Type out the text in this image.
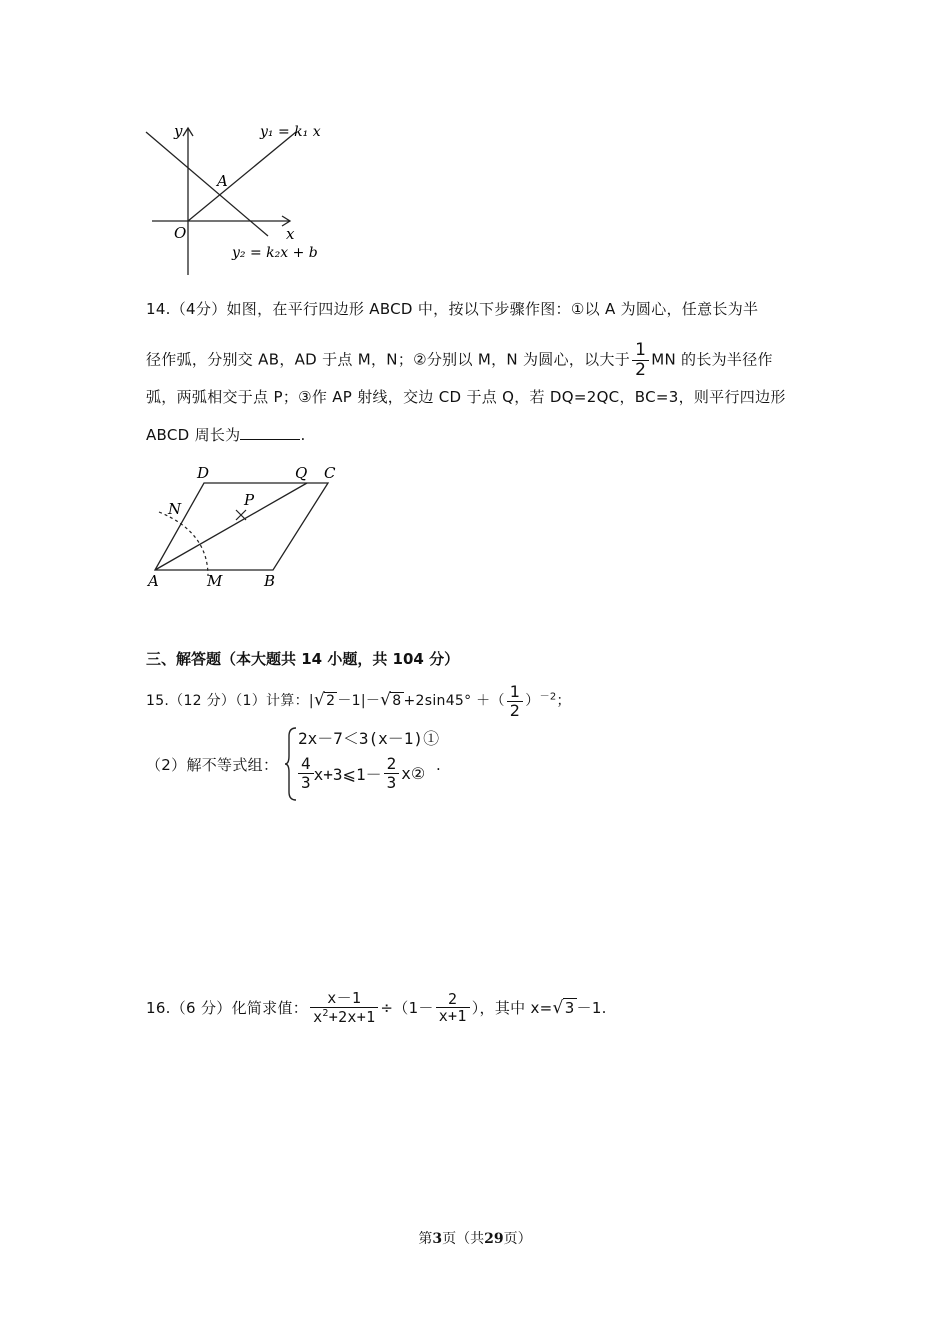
y
x
O
A
y₁ = k₁ x
y₂ = k₂x + b
14.（4分）如图，在平行四边形 ABCD 中，按以下步骤作图：①以 A 为圆心，任意长为半
径作弧，分别交 AB，AD 于点 M，N；②分别以 M，N 为圆心，以大于 $\frac{1}{2}$ MN 的长为半径作
弧，两弧相交于点 P；③作 AP 射线，交边 CD 于点 Q，若 DQ=2QC，BC=3，则平行四边形
ABCD 周长为	.
D	Q C
N	P
A	M	B
三、解答题（本大题共 14 小题，共 104 分）
15.（12 分）（1）计算：|√2 －1|－√8 +2sin45° ＋（ $\frac{1}{2} )^{-2}$；
（2）解不等式组：
2x－7＜3(x－1)①
$\frac{4}{3}$ x+3⩽1－ $\frac{2}{3}$ x② .
16.（6 分）化简求值： $\frac{x-1}{x^2+2x+1} \div(1- \frac{2}{x+1}$ ），其中 x= √ 3 －1.
第3页（共29页）
